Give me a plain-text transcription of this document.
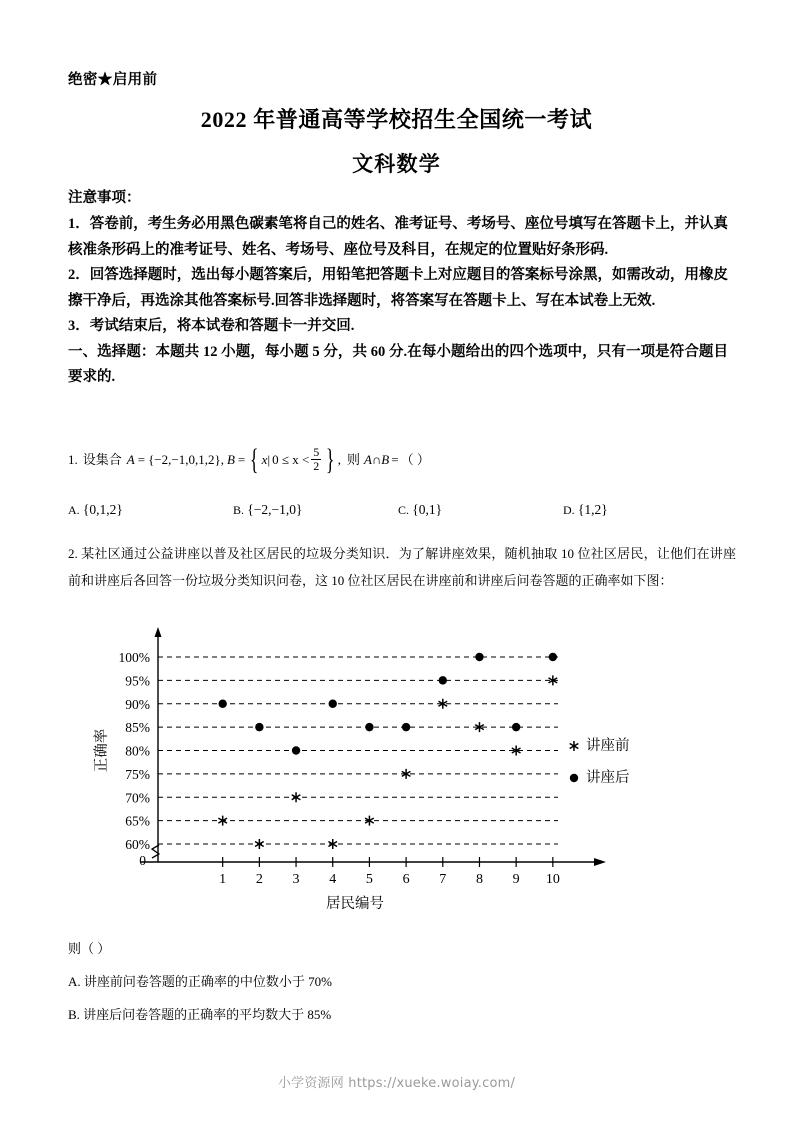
绝密★启用前
2022 年普通高等学校招生全国统一考试
文科数学
注意事项：

1．答卷前，考生务必用黑色碳素笔将自己的姓名、准考证号、考场号、座位号填写在答题卡上，并认真核准条形码上的准考证号、姓名、考场号、座位号及科目，在规定的位置贴好条形码.

2．回答选择题时，选出每小题答案后，用铅笔把答题卡上对应题目的答案标号涂黑，如需改动，用橡皮擦干净后，再选涂其他答案标号.回答非选择题时，将答案写在答题卡上、写在本试卷上无效.

3．考试结束后，将本试卷和答题卡一并交回.

一、选择题：本题共 12 小题，每小题 5 分，共 60 分.在每小题给出的四个选项中，只有一项是符合题目要求的.

1. 设集合 A = {−2,−1,0,1,2} , B = { x | $0 \le x < \frac{5}{2}$ } , 则 A ∩ B = （ ）
A. {0,1,2}	B. {−2,−1,0}	C. {0,1}	D. {1,2}
2. 某社区通过公益讲座以普及社区居民的垃圾分类知识．为了解讲座效果，随机抽取 10 位社区居民，让他们在讲座前和讲座后各回答一份垃圾分类知识问卷，这 10 位社区居民在讲座前和讲座后问卷答题的正确率如下图：
60%
65%
70%
75%
80%
85%
90%
95%
100%
0
1 2 3 4 5 6 7 8 9 10
居民编号
正确率	讲座前
讲座后
则（ ）
A. 讲座前问卷答题的正确率的中位数小于 70%
B. 讲座后问卷答题的正确率的平均数大于 85%
小学资源网 https://xueke.woiay.com/
